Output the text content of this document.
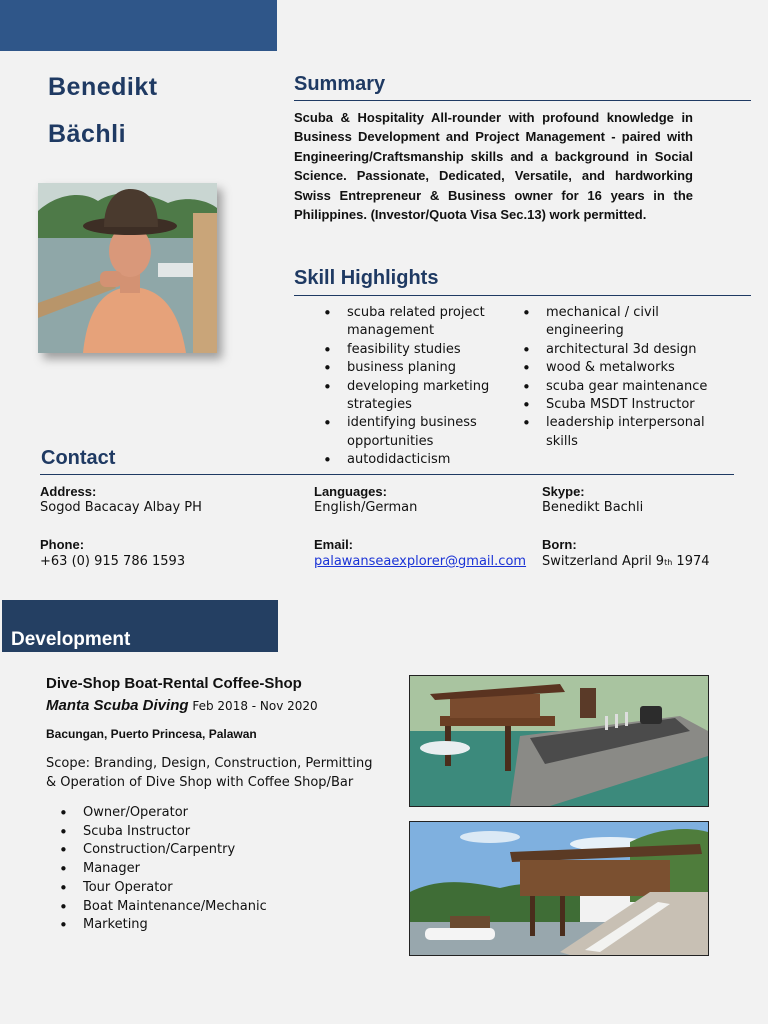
Benedikt
Bächli
Summary
Scuba & Hospitality All-rounder with profound knowledge in Business Development and Project Management - paired with Engineering/Craftsmanship skills and a background in Social Science. Passionate, Dedicated, Versatile, and hardworking Swiss Entrepreneur & Business owner for 16 years in the Philippines. (Investor/Quota Visa Sec.13) work permitted.
Skill Highlights
• scuba related project management
• feasibility studies
• business planing
• developing marketing strategies
• identifying business opportunities
• autodidacticism
• mechanical / civil engineering
• architectural 3d design
• wood & metalworks
• scuba gear maintenance
• Scuba MSDT Instructor
• leadership interpersonal skills
Contact
Address:
Sogod Bacacay Albay PH
Languages:
English/German
Skype:
Benedikt Bachli
Phone:
+63 (0) 915 786 1593
Email:
palawanseaexplorer@gmail.com
Born:
Switzerland April 9th 1974
Development
Dive-Shop Boat-Rental Coffee-Shop
Manta Scuba Diving Feb 2018 - Nov 2020
Bacungan, Puerto Princesa, Palawan
Scope: Branding, Design, Construction, Permitting & Operation of Dive Shop with Coffee Shop/Bar
• Owner/Operator
• Scuba Instructor
• Construction/Carpentry
• Manager
• Tour Operator
• Boat Maintenance/Mechanic
• Marketing
